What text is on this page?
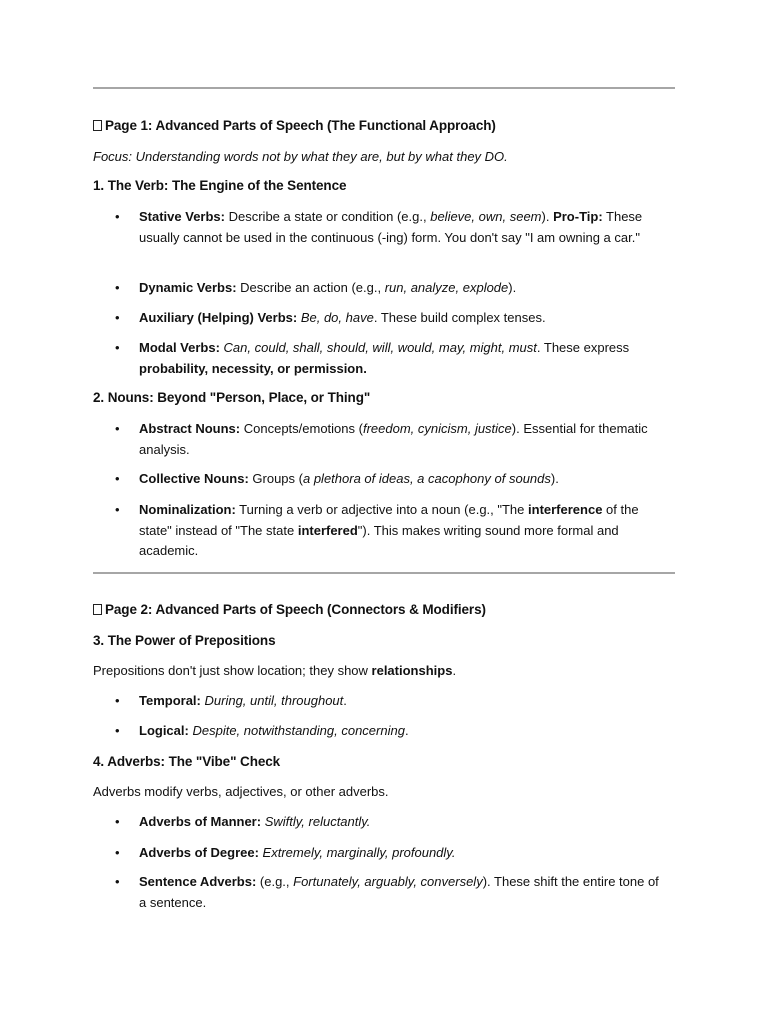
Page 1: Advanced Parts of Speech (The Functional Approach)
Focus: Understanding words not by what they are, but by what they DO.
1. The Verb: The Engine of the Sentence
• Stative Verbs: Describe a state or condition (e.g., believe, own, seem). Pro-Tip: These usually cannot be used in the continuous (-ing) form. You don't say "I am owning a car."
• Dynamic Verbs: Describe an action (e.g., run, analyze, explode).
• Auxiliary (Helping) Verbs: Be, do, have. These build complex tenses.
• Modal Verbs: Can, could, shall, should, will, would, may, might, must. These express probability, necessity, or permission.
2. Nouns: Beyond "Person, Place, or Thing"
• Abstract Nouns: Concepts/emotions (freedom, cynicism, justice). Essential for thematic analysis.
• Collective Nouns: Groups (a plethora of ideas, a cacophony of sounds).
• Nominalization: Turning a verb or adjective into a noun (e.g., "The interference of the state" instead of "The state interfered"). This makes writing sound more formal and academic.
Page 2: Advanced Parts of Speech (Connectors & Modifiers)
3. The Power of Prepositions
Prepositions don't just show location; they show relationships.
• Temporal: During, until, throughout.
• Logical: Despite, notwithstanding, concerning.
4. Adverbs: The "Vibe" Check
Adverbs modify verbs, adjectives, or other adverbs.
• Adverbs of Manner: Swiftly, reluctantly.
• Adverbs of Degree: Extremely, marginally, profoundly.
• Sentence Adverbs: (e.g., Fortunately, arguably, conversely). These shift the entire tone of a sentence.
